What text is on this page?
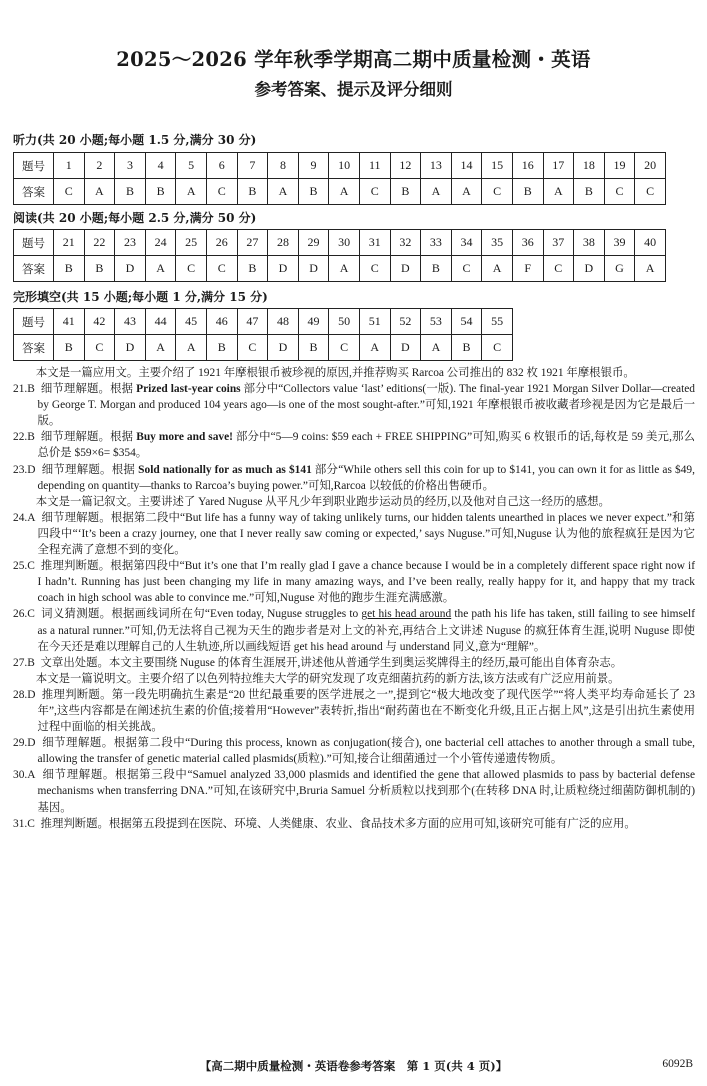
2025～2026 学年秋季学期高二期中质量检测・英语
参考答案、提示及评分细则
听力(共 20 小题;每小题 1.5 分,满分 30 分)
题号	1	2	3	4	5	6	7	8	9	10	11	12	13	14	15	16	17	18	19	20
答案	C	A	B	B	A	C	B	A	B	A	C	B	A	A	C	B	A	B	C	C
阅读(共 20 小题;每小题 2.5 分,满分 50 分)
题号	21	22	23	24	25	26	27	28	29	30	31	32	33	34	35	36	37	38	39	40
答案	B	B	D	A	C	C	B	D	D	A	C	D	B	C	A	F	C	D	G	A
完形填空(共 15 小题;每小题 1 分,满分 15 分)
题号	41	42	43	44	45	46	47	48	49	50	51	52	53	54	55
答案	B	C	D	A	A	B	C	D	B	C	A	D	A	B	C

本文是一篇应用文。主要介绍了 1921 年摩根银币被珍视的原因,并推荐购买 Rarcoa 公司推出的 832 枚 1921 年摩根银币。

21.B 细节理解题。根据 Prized last-year coins 部分中“Collectors value ‘last’ editions(一版). The final-year 1921 Morgan Silver Dollar—created by George T. Morgan and produced 104 years ago—is one of the most sought-after.”可知,1921 年摩根银币被收藏者珍视是因为它是最后一版。

22.B 细节理解题。根据 Buy more and save! 部分中“5—9 coins: $59 each + FREE SHIPPING”可知,购买 6 枚银币的话,每枚是 59 美元,那么总价是 $59×6= $354。

23.D 细节理解题。根据 Sold nationally for as much as $141 部分“While others sell this coin for up to $141, you can own it for as little as $49, depending on quantity—thanks to Rarcoa’s buying power.”可知,Rarcoa 以较低的价格出售硬币。

本文是一篇记叙文。主要讲述了 Yared Nuguse 从平凡少年到职业跑步运动员的经历,以及他对自己这一经历的感想。

24.A 细节理解题。根据第二段中“But life has a funny way of taking unlikely turns, our hidden talents unearthed in places we never expect.”和第四段中“‘It’s been a crazy journey, one that I never really saw coming or expected,’ says Nuguse.”可知,Nuguse 认为他的旅程疯狂是因为它全程充满了意想不到的变化。

25.C 推理判断题。根据第四段中“But it’s one that I’m really glad I gave a chance because I would be in a completely different space right now if I hadn’t. Running has just been changing my life in many amazing ways, and I’ve been really, really happy for it, and happy that my track coach in high school was able to convince me.”可知,Nuguse 对他的跑步生涯充满感激。

26.C 词义猜测题。根据画线词所在句“Even today, Nuguse struggles to get his head around the path his life has taken, still failing to see himself as a natural runner.”可知,仍无法将自己视为天生的跑步者是对上文的补充,再结合上文讲述 Nuguse 的疯狂体育生涯,说明 Nuguse 即使在今天还是难以理解自己的人生轨迹,所以画线短语 get his head around 与 understand 同义,意为“理解”。

27.B 文章出处题。本文主要围绕 Nuguse 的体育生涯展开,讲述他从普通学生到奥运奖牌得主的经历,最可能出自体育杂志。

本文是一篇说明文。主要介绍了以色列特拉维夫大学的研究发现了攻克细菌抗药的新方法,该方法或有广泛应用前景。

28.D 推理判断题。第一段先明确抗生素是“20 世纪最重要的医学进展之一”,提到它“极大地改变了现代医学”“将人类平均寿命延长了 23 年”,这些内容都是在阐述抗生素的价值;接着用“However”表转折,指出“耐药菌也在不断变化升级,且正占据上风”,这是引出抗生素使用过程中面临的相关挑战。

29.D 细节理解题。根据第二段中“During this process, known as conjugation(接合), one bacterial cell attaches to another through a small tube, allowing the transfer of genetic material called plasmids(质粒).”可知,接合让细菌通过一个小管传递遗传物质。

30.A 细节理解题。根据第三段中“Samuel analyzed 33,000 plasmids and identified the gene that allowed plasmids to pass by bacterial defense mechanisms when transferring DNA.”可知,在该研究中,Bruria Samuel 分析质粒以找到那个(在转移 DNA 时,让质粒绕过细菌防御机制的)基因。

31.C 推理判断题。根据第五段提到在医院、环境、人类健康、农业、食品技术多方面的应用可知,该研究可能有广泛的应用。

【高二期中质量检测・英语卷参考答案　第 1 页(共 4 页)】	6092B
